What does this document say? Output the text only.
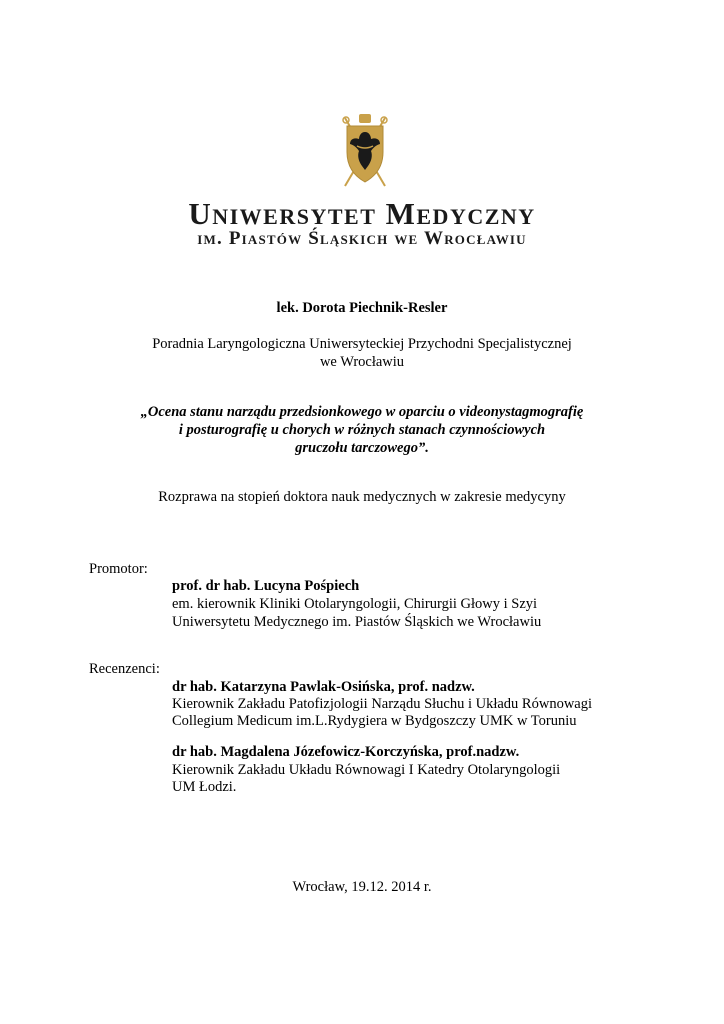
Uniwersytet Medyczny
im. Piastów Śląskich we Wrocławiu
lek. Dorota Piechnik-Resler
Poradnia Laryngologiczna Uniwersyteckiej Przychodni Specjalistycznej
we Wrocławiu
„Ocena stanu narządu przedsionkowego w oparciu o videonystagmografię
i posturografię u chorych w różnych stanach czynnościowych
gruczołu tarczowego”.
Rozprawa na stopień doktora nauk medycznych w zakresie medycyny
Promotor:
prof. dr hab. Lucyna Pośpiech
em. kierownik Kliniki Otolaryngologii, Chirurgii Głowy i Szyi
Uniwersytetu Medycznego im. Piastów Śląskich we Wrocławiu
Recenzenci:
dr hab. Katarzyna Pawlak-Osińska, prof. nadzw.
Kierownik Zakładu Patofizjologii Narządu Słuchu i Układu Równowagi
Collegium Medicum im.L.Rydygiera w Bydgoszczy UMK w Toruniu
dr hab. Magdalena Józefowicz-Korczyńska, prof.nadzw.
Kierownik Zakładu Układu Równowagi I Katedry Otolaryngologii
UM Łodzi.
Wrocław, 19.12. 2014 r.
